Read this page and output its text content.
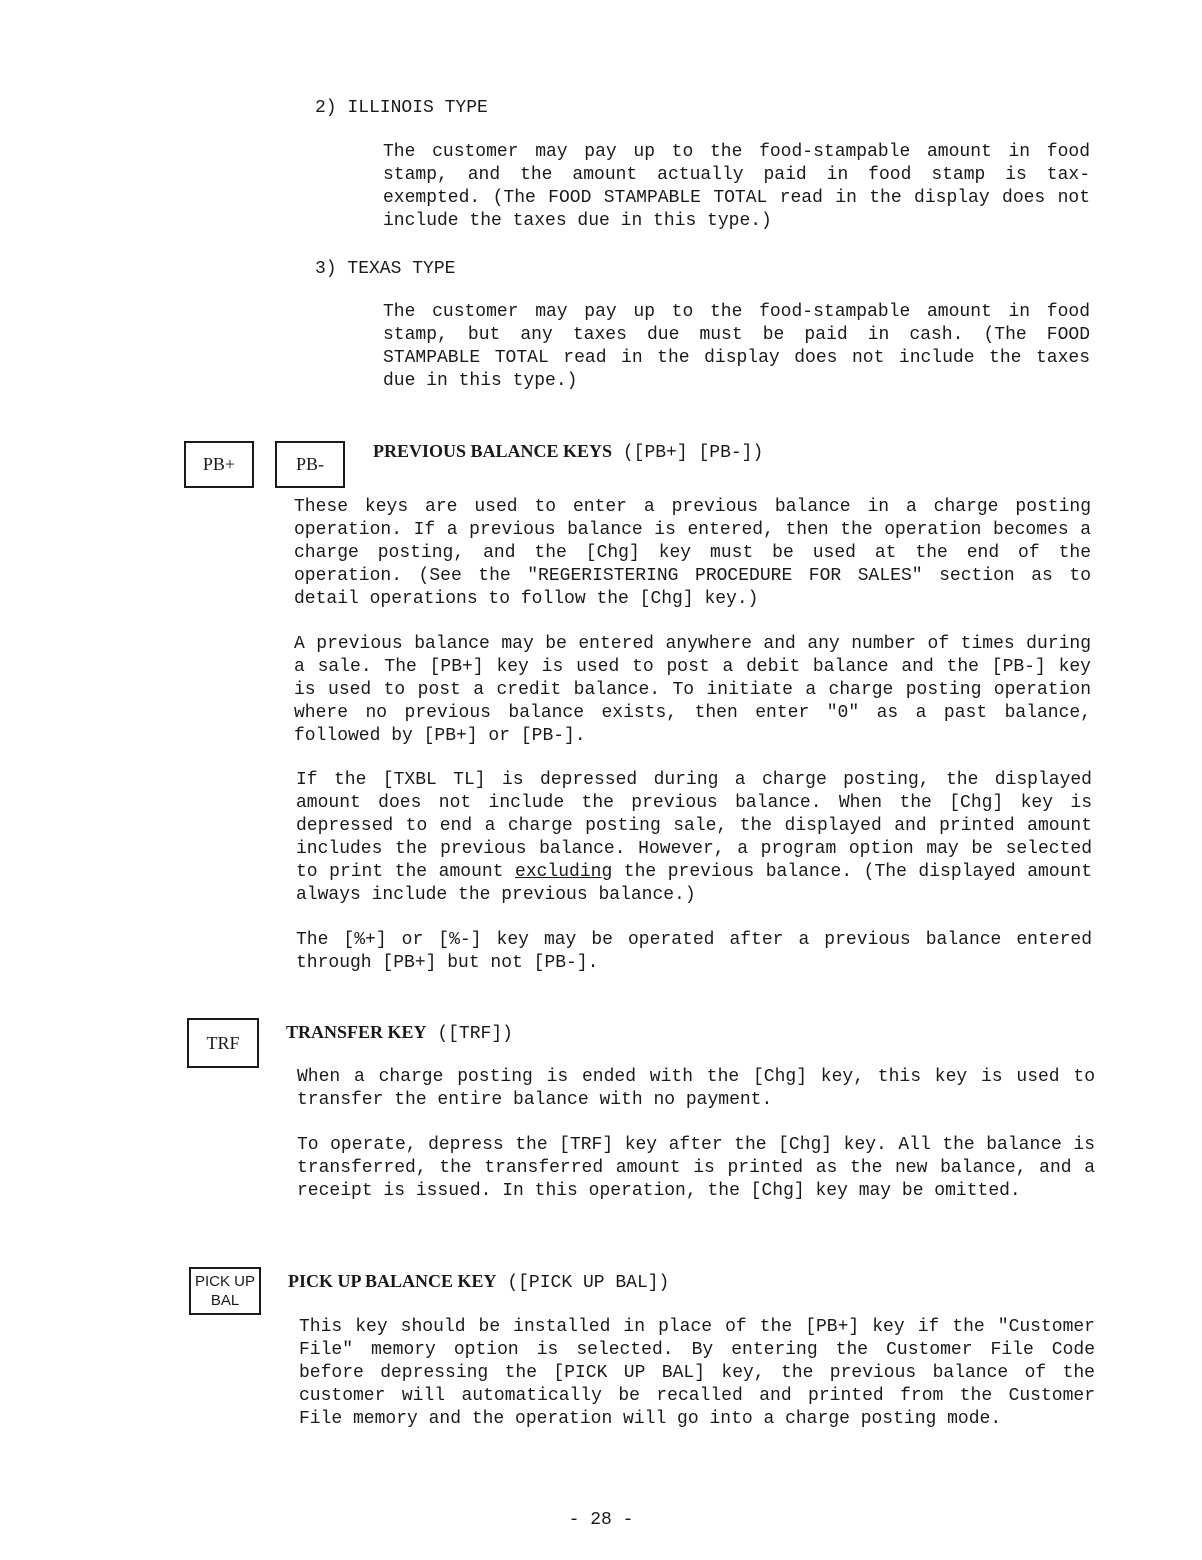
2) ILLINOIS TYPE
The customer may pay up to the food-stampable amount in food stamp, and the amount actually paid in food stamp is tax-exempted. (The FOOD STAMPABLE TOTAL read in the display does not include the taxes due in this type.)
3) TEXAS TYPE
The customer may pay up to the food-stampable amount in food stamp, but any taxes due must be paid in cash. (The FOOD STAMPABLE TOTAL read in the display does not include the taxes due in this type.)
PB+	PB-
PREVIOUS BALANCE KEYS ([PB+] [PB-])
These keys are used to enter a previous balance in a charge posting operation. If a previous balance is entered, then the operation becomes a charge posting, and the [Chg] key must be used at the end of the operation. (See the "REGERISTERING PROCEDURE FOR SALES" section as to detail operations to follow the [Chg] key.)
A previous balance may be entered anywhere and any number of times during a sale. The [PB+] key is used to post a debit balance and the [PB-] key is used to post a credit balance. To initiate a charge posting operation where no previous balance exists, then enter "0" as a past balance, followed by [PB+] or [PB-].
If the [TXBL TL] is depressed during a charge posting, the displayed amount does not include the previous balance. When the [Chg] key is depressed to end a charge posting sale, the displayed and printed amount includes the previous balance. However, a program option may be selected to print the amount excluding the previous balance. (The displayed amount always include the previous balance.)
The [%+] or [%-] key may be operated after a previous balance entered through [PB+] but not [PB-].
TRF
TRANSFER KEY ([TRF])
When a charge posting is ended with the [Chg] key, this key is used to transfer the entire balance with no payment.
To operate, depress the [TRF] key after the [Chg] key. All the balance is transferred, the transferred amount is printed as the new balance, and a receipt is issued. In this operation, the [Chg] key may be omitted.
PICK UP
BAL
PICK UP BALANCE KEY ([PICK UP BAL])
This key should be installed in place of the [PB+] key if the "Customer File" memory option is selected. By entering the Customer File Code before depressing the [PICK UP BAL] key, the previous balance of the customer will automatically be recalled and printed from the Customer File memory and the operation will go into a charge posting mode.
- 28 -
